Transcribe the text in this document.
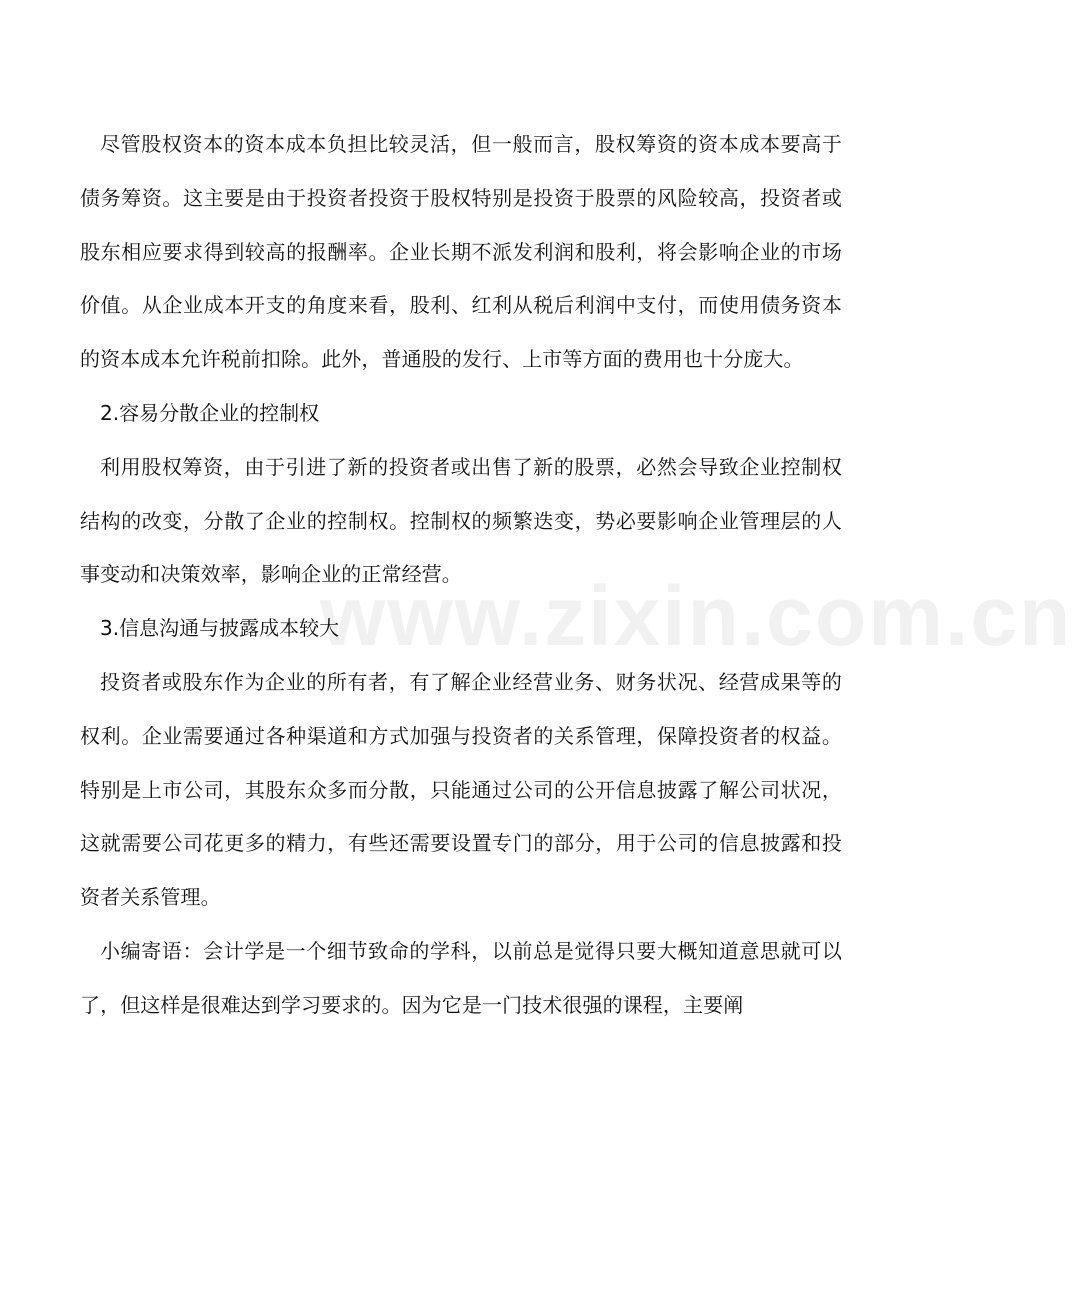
www.zixin.com.cn

尽管股权资本的资本成本负担比较灵活，但一般而言，股权筹资的资本成本要高于债务筹资。这主要是由于投资者投资于股权特别是投资于股票的风险较高，投资者或股东相应要求得到较高的报酬率。企业长期不派发利润和股利，将会影响企业的市场价值。从企业成本开支的角度来看，股利、红利从税后利润中支付，而使用债务资本的资本成本允许税前扣除。此外，普通股的发行、上市等方面的费用也十分庞大。

2.容易分散企业的控制权

利用股权筹资，由于引进了新的投资者或出售了新的股票，必然会导致企业控制权结构的改变，分散了企业的控制权。控制权的频繁迭变，势必要影响企业管理层的人事变动和决策效率，影响企业的正常经营。

3.信息沟通与披露成本较大

投资者或股东作为企业的所有者，有了解企业经营业务、财务状况、经营成果等的权利。企业需要通过各种渠道和方式加强与投资者的关系管理，保障投资者的权益。特别是上市公司，其股东众多而分散，只能通过公司的公开信息披露了解公司状况，这就需要公司花更多的精力，有些还需要设置专门的部分，用于公司的信息披露和投资者关系管理。

小编寄语：会计学是一个细节致命的学科，以前总是觉得只要大概知道意思就可以了，但这样是很难达到学习要求的。因为它是一门技术很强的课程，主要阐
